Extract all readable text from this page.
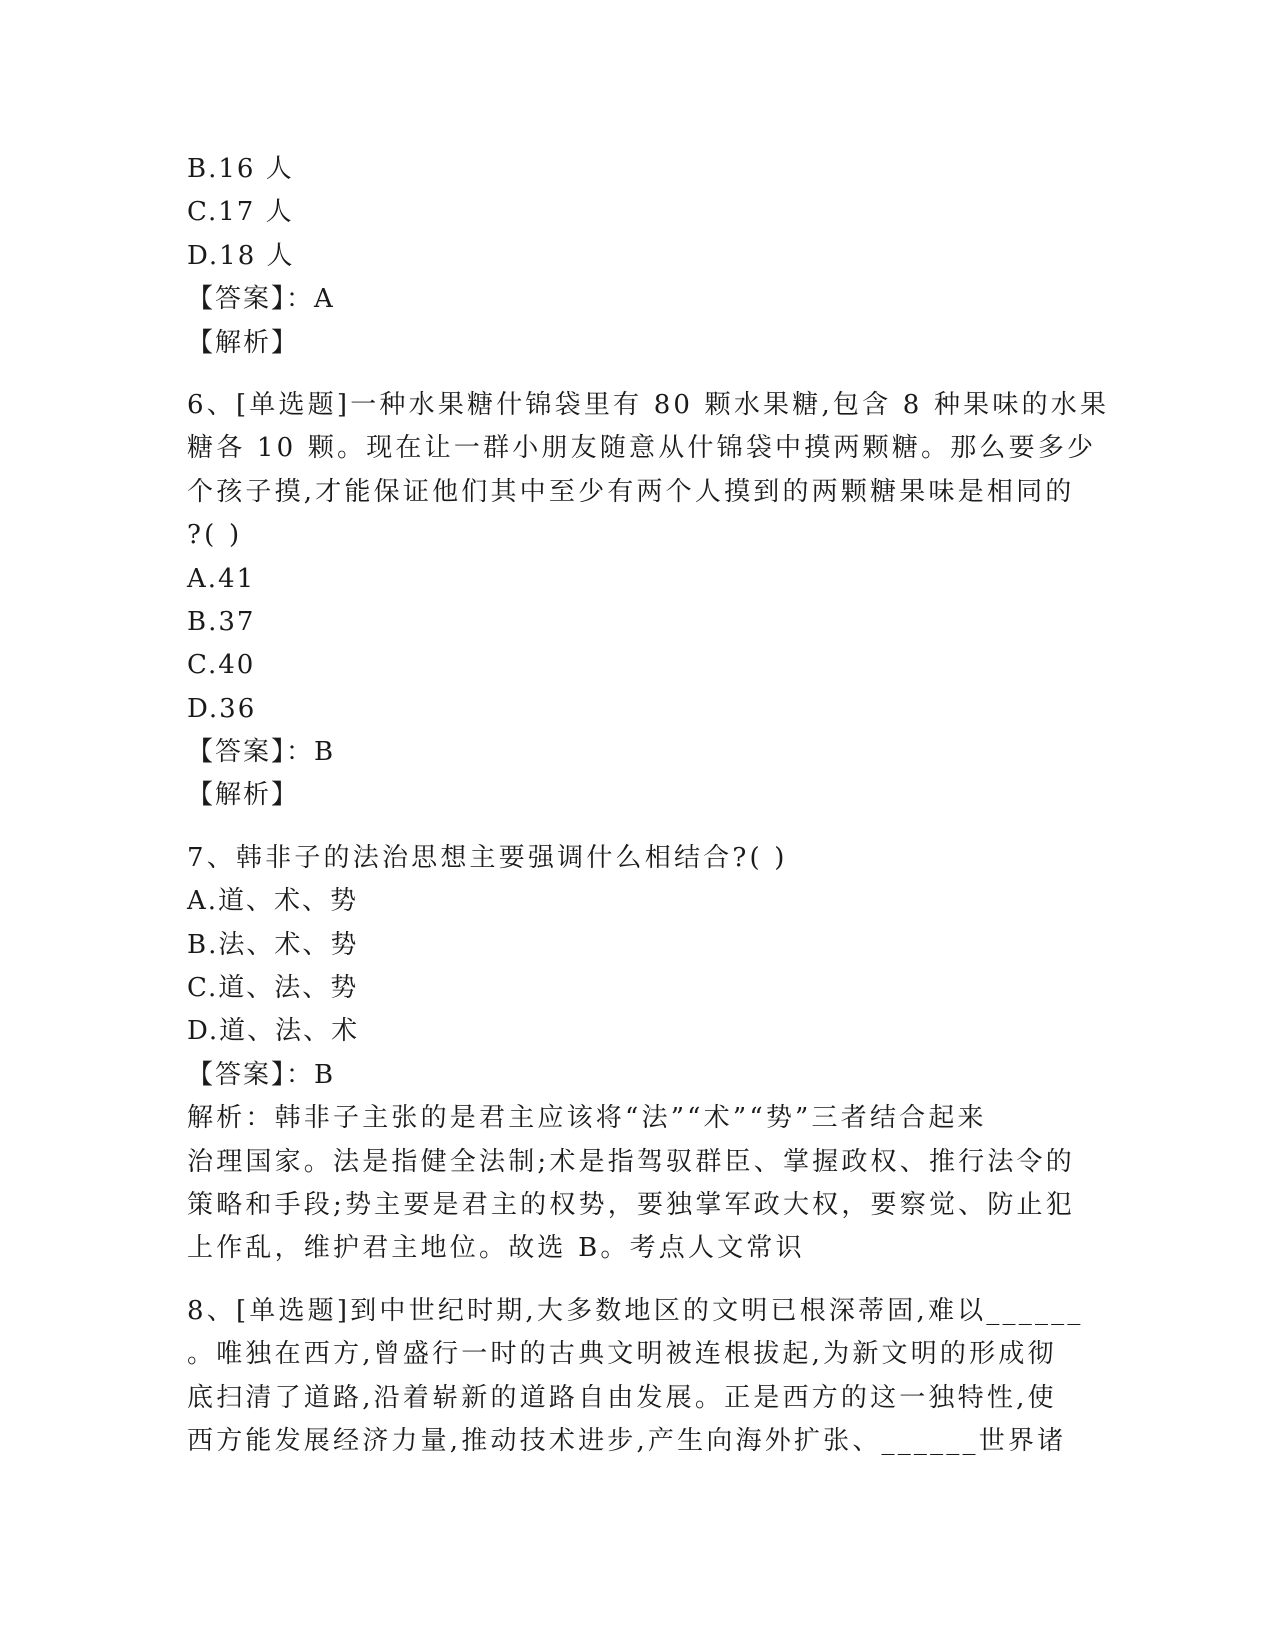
B.16 人
C.17 人
D.18 人
【答案】：A
【解析】
6、[单选题]一种水果糖什锦袋里有 80 颗水果糖,包含 8 种果味的水果
糖各 10 颗。现在让一群小朋友随意从什锦袋中摸两颗糖。那么要多少
个孩子摸,才能保证他们其中至少有两个人摸到的两颗糖果味是相同的
?( )
A.41
B.37
C.40
D.36
【答案】：B
【解析】
7、韩非子的法治思想主要强调什么相结合?( )
A.道、术、势
B.法、术、势
C.道、法、势
D.道、法、术
【答案】：B
解析：韩非子主张的是君主应该将“法”“术”“势”三者结合起来
治理国家。法是指健全法制;术是指驾驭群臣、掌握政权、推行法令的
策略和手段;势主要是君主的权势，要独掌军政大权，要察觉、防止犯
上作乱，维护君主地位。故选 B。考点人文常识
8、[单选题]到中世纪时期,大多数地区的文明已根深蒂固,难以______
。唯独在西方,曾盛行一时的古典文明被连根拔起,为新文明的形成彻
底扫清了道路,沿着崭新的道路自由发展。正是西方的这一独特性,使
西方能发展经济力量,推动技术进步,产生向海外扩张、______世界诸
